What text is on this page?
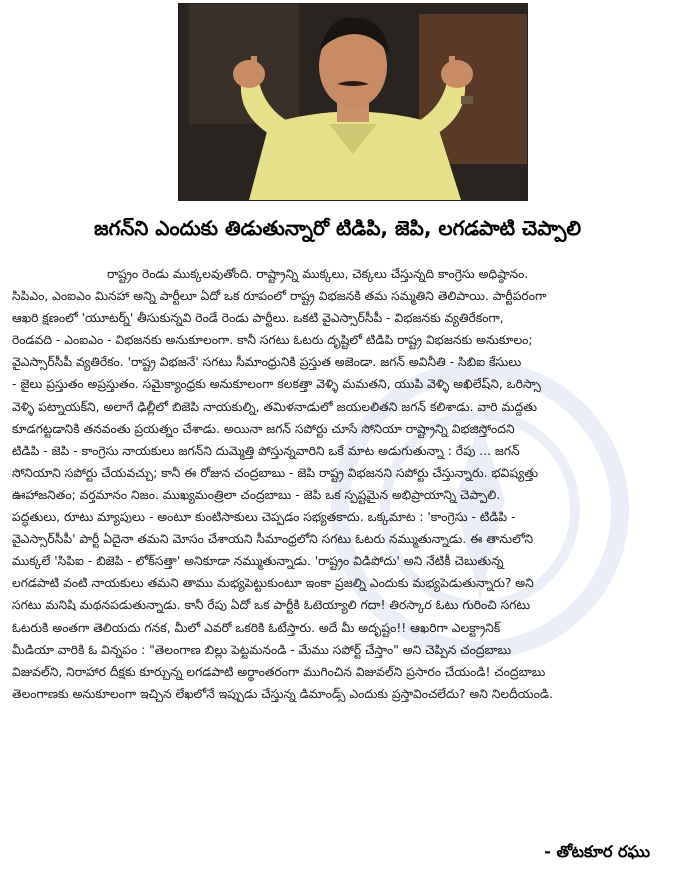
జగన్‌ని ఎందుకు తిడుతున్నారో టిడిపి, జెపి, లగడపాటి చెప్పాలి
రాష్ట్రం రెండు ముక్కలవుతోంది. రాష్ట్రాన్ని ముక్కలు, చెక్కలు చేస్తున్నది కాంగ్రెసు అధిష్ఠానం.
సిపిఎం, ఎంఐఎం మినహా అన్ని పార్టీలూ ఏదో ఒక రూపంలో రాష్ట్ర విభజనకి తమ సమ్మతిని తెలిపాయి. పార్టీపరంగా
ఆఖరి క్షణంలో 'యూటర్న్' తీసుకున్నవి రెండే రెండు పార్టీలు. ఒకటి వైఎస్సార్‌సీపీ - విభజనకు వ్యతిరేకంగా,
రెండవది - ఎంఐఎం - విభజనకు అనుకూలంగా. కానీ సగటు ఓటరు దృష్టిలో టిడిపి రాష్ట్ర విభజనకు అనుకూలం;
వైఎస్సార్‌సీపీ వ్యతిరేకం. 'రాష్ట్ర విభజనే' సగటు సీమాంధ్రునికి ప్రస్తుత అజెండా. జగన్ అవినీతి - సిబిఐ కేసులు
- జైలు ప్రస్తుతం అప్రస్తుతం. సమైక్యాంధ్రకు అనుకూలంగా కలకత్తా వెళ్ళి మమతని, యుపి వెళ్ళి అఖిలేష్‌ని, ఒరిస్సా
వెళ్ళి పట్నాయక్‌ని, అలాగే ఢిల్లీలో బిజెపి నాయకుల్ని, తమిళనాడులో జయలలితని జగన్ కలిశాడు. వారి మద్దతు
కూడగట్టడానికి తనవంతు ప్రయత్నం చేశాడు. అయినా జగన్ సపోర్టు చూసే సోనియా రాష్ట్రాన్ని విభజిస్తోందని
టిడిపి - జెపి - కాంగ్రెసు నాయకులు జగన్‌ని దుమ్మెత్తి పోస్తున్నవారిని ఒకే మాట అడుగుతున్నా : రేపు ... జగన్
సోనియాని సపోర్టు చేయవచ్చు; కానీ ఈ రోజున చంద్రబాబు - జెపి రాష్ట్ర విభజనని సపోర్టు చేస్తున్నారు. భవిష్యత్తు
ఊహాజనితం; వర్తమానం నిజం. ముఖ్యమంత్రిలా చంద్రబాబు - జెపి ఒక స్పష్టమైన అభిప్రాయాన్ని చెప్పాలి.
పద్ధతులు, రూటు మ్యాపులు - అంటూ కుంటిసాకులు చెప్పడం సభ్యతకాదు. ఒక్కమాట : 'కాంగ్రెసు - టిడిపి -
వైఎస్సార్‌సీపీ' పార్టీ ఏదైనా తమని మోసం చేశాయని సీమాంధ్రలోని సగటు ఓటరు నమ్ముతున్నాడు. ఈ తానులోని
ముక్కలే 'సిపిఐ - బిజెపి - లోక్‌సత్తా' అనికూడా నమ్ముతున్నాడు. 'రాష్ట్రం విడిపోదు' అని నేటికీ చెబుతున్న
లగడపాటి వంటి నాయకులు తమని తాము మభ్యపెట్టుకుంటూ ఇంకా ప్రజల్ని ఎందుకు మభ్యపెడుతున్నారు? అని
సగటు మనిషి మథనపడుతున్నాడు. కానీ రేపు ఏదో ఒక పార్టీకి ఓటెయ్యాలి గదా! తిరస్కార ఓటు గురించి సగటు
ఓటరుకి అంతగా తెలియదు గనక, మీలో ఎవరో ఒకరికి ఓటేస్తారు. అదే మీ అదృష్టం!! ఆఖరిగా ఎలక్ట్రానిక్
మీడియా వారికి ఓ విన్నపం : "తెలంగాణ బిల్లు పెట్టమనండి - మేము సపోర్ట్ చేస్తాం" అని చెప్పిన చంద్రబాబు
విజువల్‌ని, నిరాహార దీక్షకు కూర్చున్న లగడపాటి అర్థాంతరంగా ముగించిన విజువల్‌ని ప్రసారం చేయండి! చంద్రబాబు
తెలంగాణకు అనుకూలంగా ఇచ్చిన లేఖలోనే ఇప్పుడు చేస్తున్న డిమాండ్స్ ఎందుకు ప్రస్తావించలేదు? అని నిలదీయండి.
- తోటకూర రఘు
